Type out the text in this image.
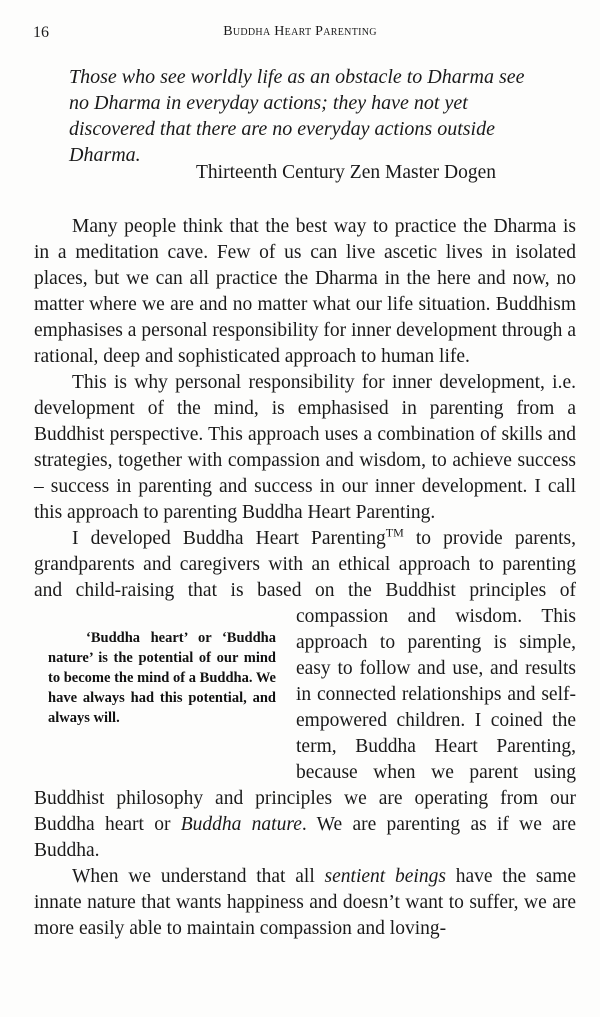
16	Buddha Heart Parenting
Those who see worldly life as an obstacle to Dharma see no Dharma in everyday actions; they have not yet discovered that there are no everyday actions outside Dharma.
Thirteenth Century Zen Master Dogen

Many people think that the best way to practice the Dharma is in a meditation cave. Few of us can live ascetic lives in isolated places, but we can all practice the Dharma in the here and now, no matter where we are and no matter what our life situation. Buddhism emphasises a personal responsibility for inner development through a rational, deep and sophisticated approach to human life.

This is why personal responsibility for inner development, i.e. development of the mind, is emphasised in parenting from a Buddhist perspective. This approach uses a combination of skills and strategies, together with compassion and wisdom, to achieve success – success in parenting and success in our inner development. I call this approach to parenting Buddha Heart Parenting.

I developed Buddha Heart Parenting™ to provide parents, grandparents and caregivers with an ethical approach to parenting and child-raising that is based on the Buddhist
‘Buddha heart’ or ‘Buddha nature’ is the potential of our mind to become the mind of a Buddha. We have always had this potential, and always will.
principles of compassion and wisdom. This approach to parenting is simple, easy to follow and use, and results in connected relationships and self-empowered children. I coined the term, Buddha Heart Parenting, because when we parent using Buddhist philosophy and principles we are operating from our Buddha heart or Buddha nature. We are parenting as if we are Buddha.

When we understand that all sentient beings have the same innate nature that wants happiness and doesn’t want to suffer, we are more easily able to maintain compassion and loving-
